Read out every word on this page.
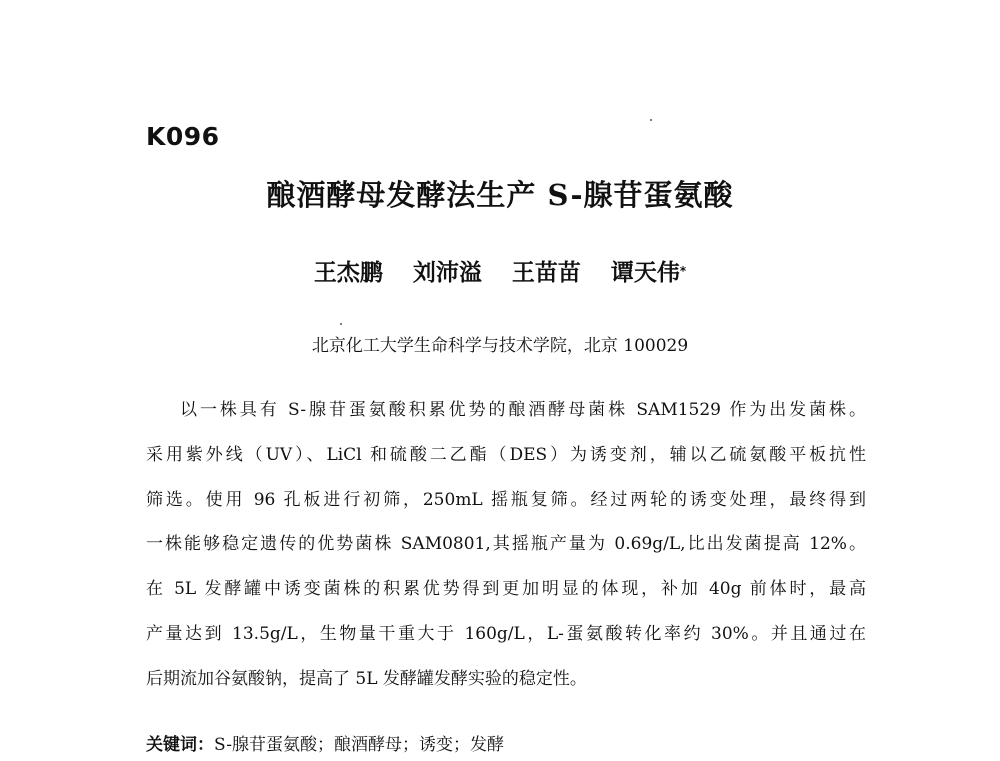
K096
酿酒酵母发酵法生产 S-腺苷蛋氨酸
王杰鹏 刘沛溢 王苗苗 谭天伟*
北京化工大学生命科学与技术学院，北京 100029
以一株具有 S-腺苷蛋氨酸积累优势的酿酒酵母菌株 SAM1529 作为出发菌株。
采用紫外线（UV）、LiCl 和硫酸二乙酯（DES）为诱变剂，辅以乙硫氨酸平板抗性
筛选。使用 96 孔板进行初筛，250mL 摇瓶复筛。经过两轮的诱变处理，最终得到
一株能够稳定遗传的优势菌株 SAM0801,其摇瓶产量为 0.69g/L,比出发菌提高 12%。
在 5L 发酵罐中诱变菌株的积累优势得到更加明显的体现，补加 40g 前体时，最高
产量达到 13.5g/L，生物量干重大于 160g/L，L-蛋氨酸转化率约 30%。并且通过在
后期流加谷氨酸钠，提高了 5L 发酵罐发酵实验的稳定性。
关键词：S-腺苷蛋氨酸；酿酒酵母；诱变；发酵
